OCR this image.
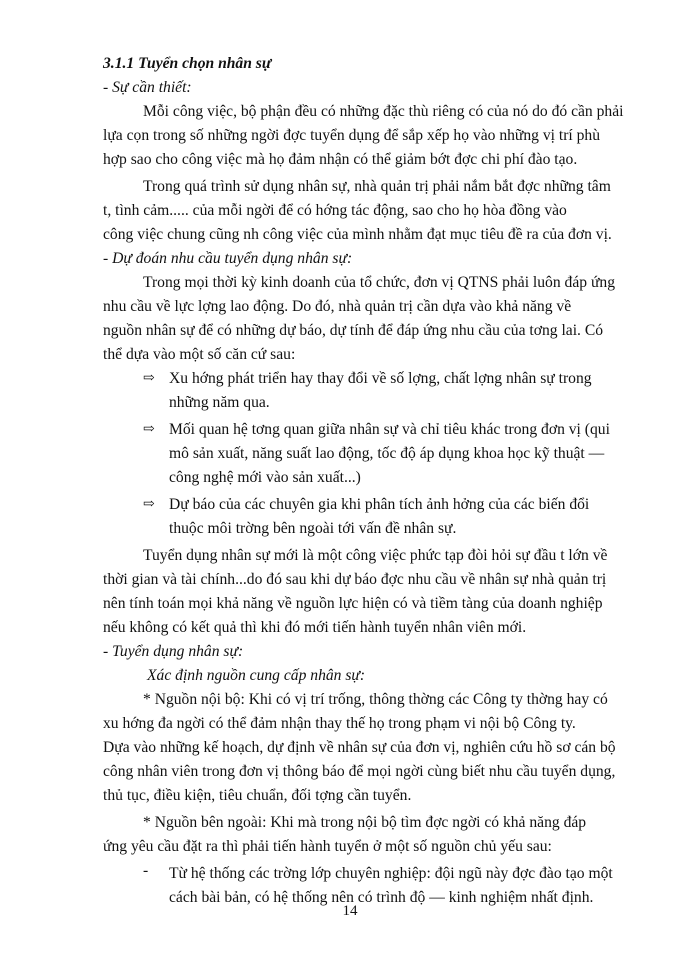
3.1.1 Tuyển chọn nhân sự
- Sự cần thiết:
Mỗi công việc, bộ phận đều có những đặc thù riêng có của nó do đó cần phải
lựa cọn trong số những ngời đợc tuyển dụng để sắp xếp họ vào những vị trí phù
hợp sao cho công việc mà họ đảm nhận có thể giảm bớt đợc chi phí đào tạo.
Trong quá trình sử dụng nhân sự, nhà quản trị phải nắm bắt đợc những tâm
t, tình cảm..... của mỗi ngời để có hớng tác động, sao cho họ hòa đồng vào
công việc chung cũng nh công việc của mình nhằm đạt mục tiêu đề ra của đơn vị.
- Dự đoán nhu cầu tuyển dụng nhân sự:
Trong mọi thời kỳ kinh doanh của tổ chức, đơn vị QTNS phải luôn đáp ứng
nhu cầu về lực lợng lao động. Do đó, nhà quản trị cần dựa vào khả năng về
nguồn nhân sự để có những dự báo, dự tính để đáp ứng nhu cầu của tơng lai. Có
thể dựa vào một số căn cứ sau:
⇨ Xu hớng phát triển hay thay đổi về số lợng, chất lợng nhân sự trong
những năm qua.
⇨ Mối quan hệ tơng quan giữa nhân sự và chỉ tiêu khác trong đơn vị (qui
mô sản xuất, năng suất lao động, tốc độ áp dụng khoa học kỹ thuật —
công nghệ mới vào sản xuất...)
⇨ Dự báo của các chuyên gia khi phân tích ảnh hởng của các biến đổi
thuộc môi trờng bên ngoài tới vấn đề nhân sự.
Tuyển dụng nhân sự mới là một công việc phức tạp đòi hỏi sự đầu t lớn về
thời gian và tài chính...do đó sau khi dự báo đợc nhu cầu về nhân sự nhà quản trị
nên tính toán mọi khả năng về nguồn lực hiện có và tiềm tàng của doanh nghiệp
nếu không có kết quả thì khi đó mới tiến hành tuyển nhân viên mới.
- Tuyển dụng nhân sự:
Xác định nguồn cung cấp nhân sự:
* Nguồn nội bộ: Khi có vị trí trống, thông thờng các Công ty thờng hay có
xu hớng đa ngời có thể đảm nhận thay thế họ trong phạm vi nội bộ Công ty.
Dựa vào những kế hoạch, dự định về nhân sự của đơn vị, nghiên cứu hồ sơ cán bộ
công nhân viên trong đơn vị thông báo để mọi ngời cùng biết nhu cầu tuyển dụng,
thủ tục, điều kiện, tiêu chuẩn, đối tợng cần tuyển.
* Nguồn bên ngoài: Khi mà trong nội bộ tìm đợc ngời có khả năng đáp
ứng yêu cầu đặt ra thì phải tiến hành tuyển ở một số nguồn chủ yếu sau:
- Từ hệ thống các trờng lớp chuyên nghiệp: đội ngũ này đợc đào tạo một
cách bài bản, có hệ thống nên có trình độ — kinh nghiệm nhất định.
14
